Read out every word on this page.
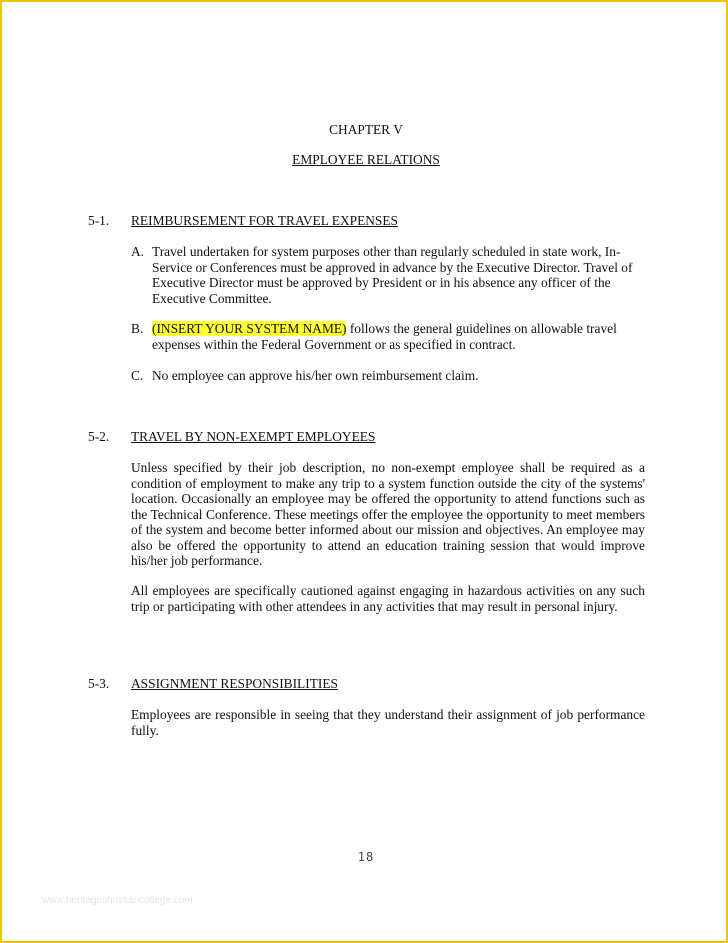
CHAPTER V
EMPLOYEE RELATIONS
5-1. REIMBURSEMENT FOR TRAVEL EXPENSES
A. Travel undertaken for system purposes other than regularly scheduled in state work, In-Service or Conferences must be approved in advance by the Executive Director. Travel of Executive Director must be approved by President or in his absence any officer of the Executive Committee.
B. (INSERT YOUR SYSTEM NAME) follows the general guidelines on allowable travel expenses within the Federal Government or as specified in contract.
C. No employee can approve his/her own reimbursement claim.
5-2. TRAVEL BY NON-EXEMPT EMPLOYEES
Unless specified by their job description, no non-exempt employee shall be required as a condition of employment to make any trip to a system function outside the city of the systems' location. Occasionally an employee may be offered the opportunity to attend functions such as the Technical Conference. These meetings offer the employee the opportunity to meet members of the system and become better informed about our mission and objectives. An employee may also be offered the opportunity to attend an education training session that would improve his/her job performance.
All employees are specifically cautioned against engaging in hazardous activities on any such trip or participating with other attendees in any activities that may result in personal injury.
5-3. ASSIGNMENT RESPONSIBILITIES
Employees are responsible in seeing that they understand their assignment of job performance fully.
18
www.heritagechristiancollege.com
